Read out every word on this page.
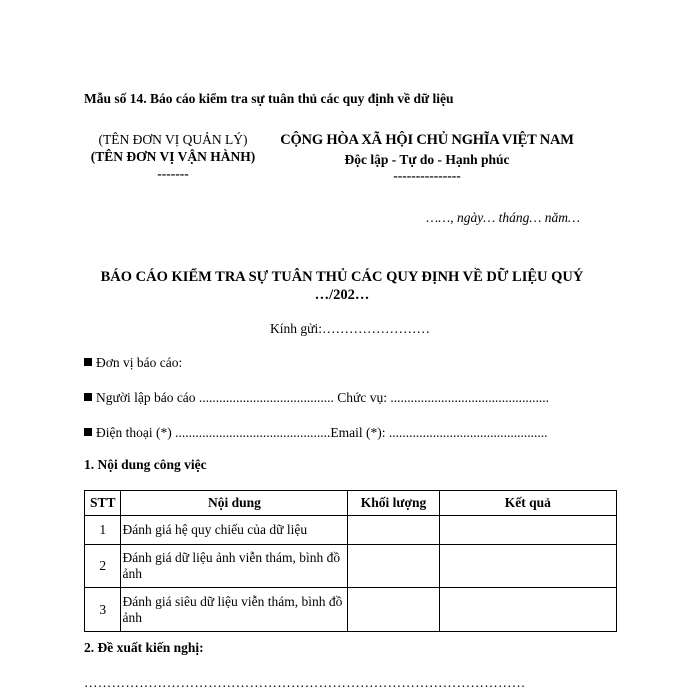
Mẫu số 14. Báo cáo kiểm tra sự tuân thủ các quy định về dữ liệu
(TÊN ĐƠN VỊ QUẢN LÝ)
(TÊN ĐƠN VỊ VẬN HÀNH)
-------
CỘNG HÒA XÃ HỘI CHỦ NGHĨA VIỆT NAM
Độc lập - Tự do - Hạnh phúc
---------------
……, ngày… tháng… năm…
BÁO CÁO KIỂM TRA SỰ TUÂN THỦ CÁC QUY ĐỊNH VỀ DỮ LIỆU QUÝ …/202…
Kính gửi:……………………
Đơn vị báo cáo:
Người lập báo cáo ........................................ Chức vụ: ...............................................
Điện thoại (*) ..............................................Email (*): ...............................................
1. Nội dung công việc
STT	Nội dung	Khối lượng	Kết quả
1	Đánh giá hệ quy chiếu của dữ liệu		
2	Đánh giá dữ liệu ảnh viễn thám, bình đồ ảnh		
3	Đánh giá siêu dữ liệu viễn thám, bình đồ ảnh		
2. Đề xuất kiến nghị:
……………………………………………………………………………………
